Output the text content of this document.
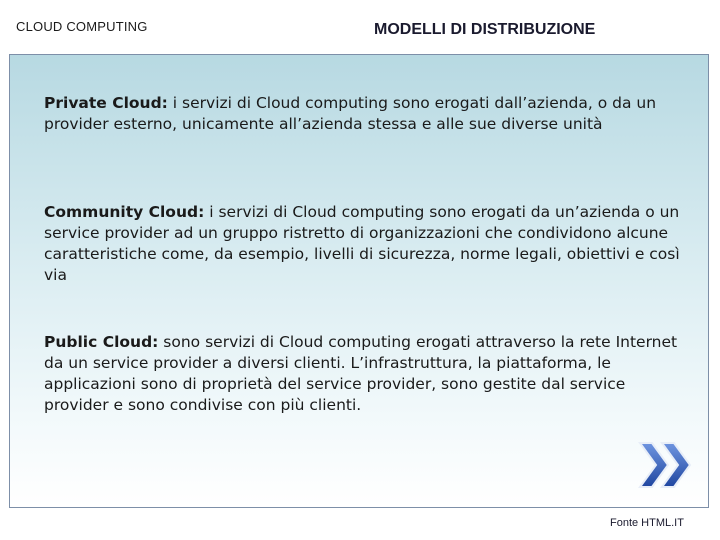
CLOUD COMPUTING	MODELLI DI DISTRIBUZIONE
Private Cloud: i servizi di Cloud computing sono erogati dall’azienda, o da un provider esterno, unicamente all’azienda stessa e alle sue diverse unità
Community Cloud: i servizi di Cloud computing sono erogati da un’azienda o un service provider ad un gruppo ristretto di organizzazioni che condividono alcune caratteristiche come, da esempio, livelli di sicurezza, norme legali, obiettivi e così via
Public Cloud: sono servizi di Cloud computing erogati attraverso la rete Internet da un service provider a diversi clienti. L’infrastruttura, la piattaforma, le applicazioni sono di proprietà del service provider, sono gestite dal service provider e sono condivise con più clienti.
Fonte HTML.IT
